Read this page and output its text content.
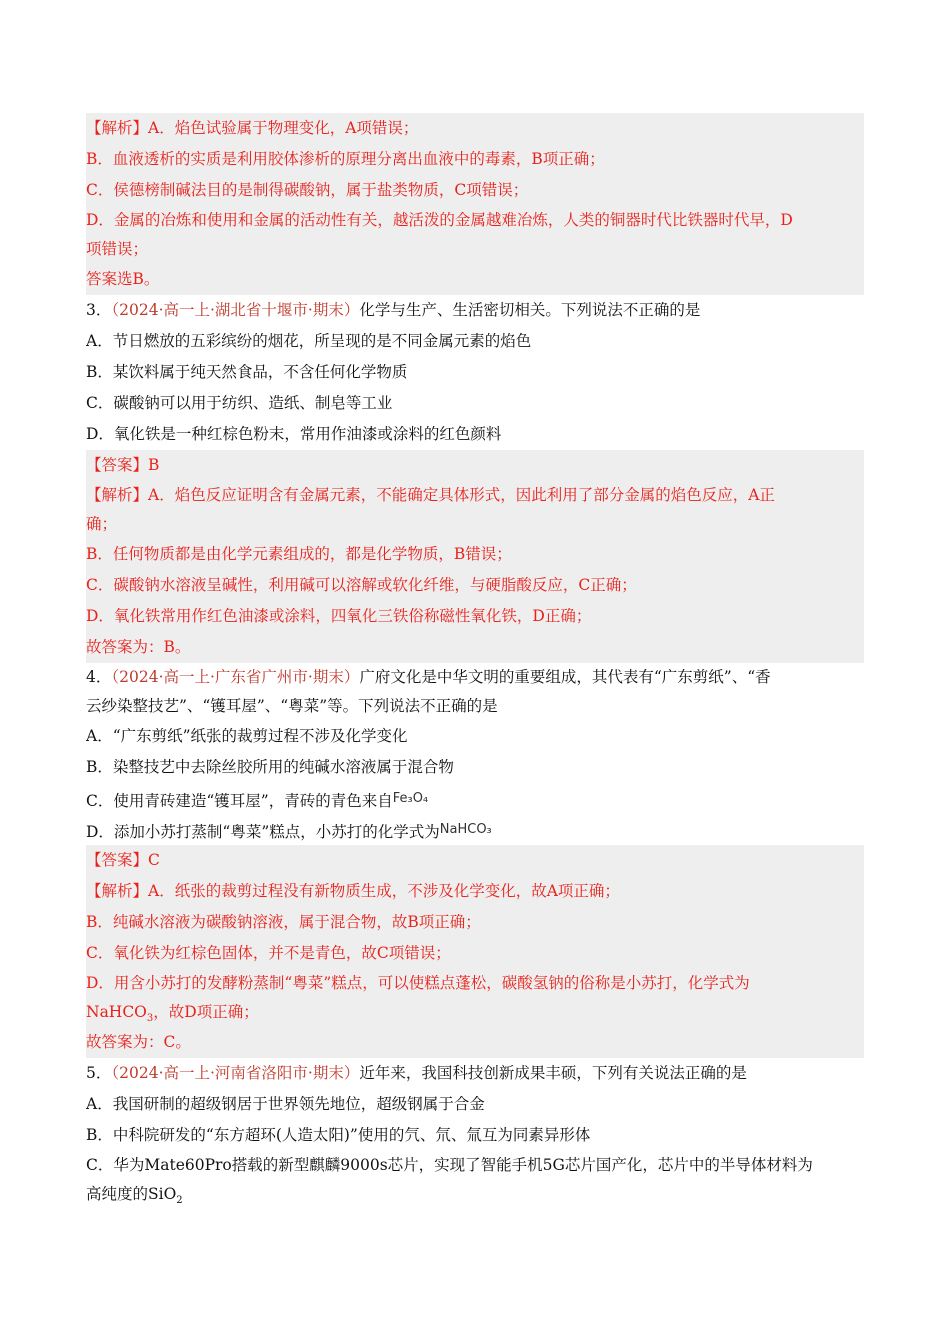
【解析】A．焰色试验属于物理变化，A项错误；
B．血液透析的实质是利用胶体渗析的原理分离出血液中的毒素，B项正确；
C．侯德榜制碱法目的是制得碳酸钠，属于盐类物质，C项错误；
D．金属的冶炼和使用和金属的活动性有关，越活泼的金属越难冶炼，人类的铜器时代比铁器时代早，D
项错误；
答案选B。
3．（2024·高一上·湖北省十堰市·期末）化学与生产、生活密切相关。下列说法不正确的是
A．节日燃放的五彩缤纷的烟花，所呈现的是不同金属元素的焰色
B．某饮料属于纯天然食品，不含任何化学物质
C．碳酸钠可以用于纺织、造纸、制皂等工业
D．氧化铁是一种红棕色粉末，常用作油漆或涂料的红色颜料
【答案】B
【解析】A．焰色反应证明含有金属元素，不能确定具体形式，因此利用了部分金属的焰色反应，A正
确；
B．任何物质都是由化学元素组成的，都是化学物质，B错误；
C．碳酸钠水溶液呈碱性，利用碱可以溶解或软化纤维，与硬脂酸反应，C正确；
D．氧化铁常用作红色油漆或涂料，四氧化三铁俗称磁性氧化铁，D正确；
故答案为：B。
4．（2024·高一上·广东省广州市·期末）广府文化是中华文明的重要组成，其代表有“广东剪纸”、“香
云纱染整技艺”、“镬耳屋”、“粤菜”等。下列说法不正确的是
A．“广东剪纸”纸张的裁剪过程不涉及化学变化
B．染整技艺中去除丝胶所用的纯碱水溶液属于混合物
C．使用青砖建造“镬耳屋”，青砖的青色来自$^{Fe_3O_4}$
D．添加小苏打蒸制“粤菜”糕点，小苏打的化学式为$^{NaHCO_3}$
【答案】C
【解析】A．纸张的裁剪过程没有新物质生成，不涉及化学变化，故A项正确；
B．纯碱水溶液为碳酸钠溶液，属于混合物，故B项正确；
C．氧化铁为红棕色固体，并不是青色，故C项错误；
D．用含小苏打的发酵粉蒸制“粤菜”糕点，可以使糕点蓬松，碳酸氢钠的俗称是小苏打，化学式为
NaHCO$_3$，故D项正确；
故答案为：C。
5．（2024·高一上·河南省洛阳市·期末）近年来，我国科技创新成果丰硕，下列有关说法正确的是
A．我国研制的超级钢居于世界领先地位，超级钢属于合金
B．中科院研发的“东方超环(人造太阳)”使用的氕、氘、氚互为同素异形体
C．华为Mate60Pro搭载的新型麒麟9000s芯片，实现了智能手机5G芯片国产化，芯片中的半导体材料为
高纯度的SiO$_2$
